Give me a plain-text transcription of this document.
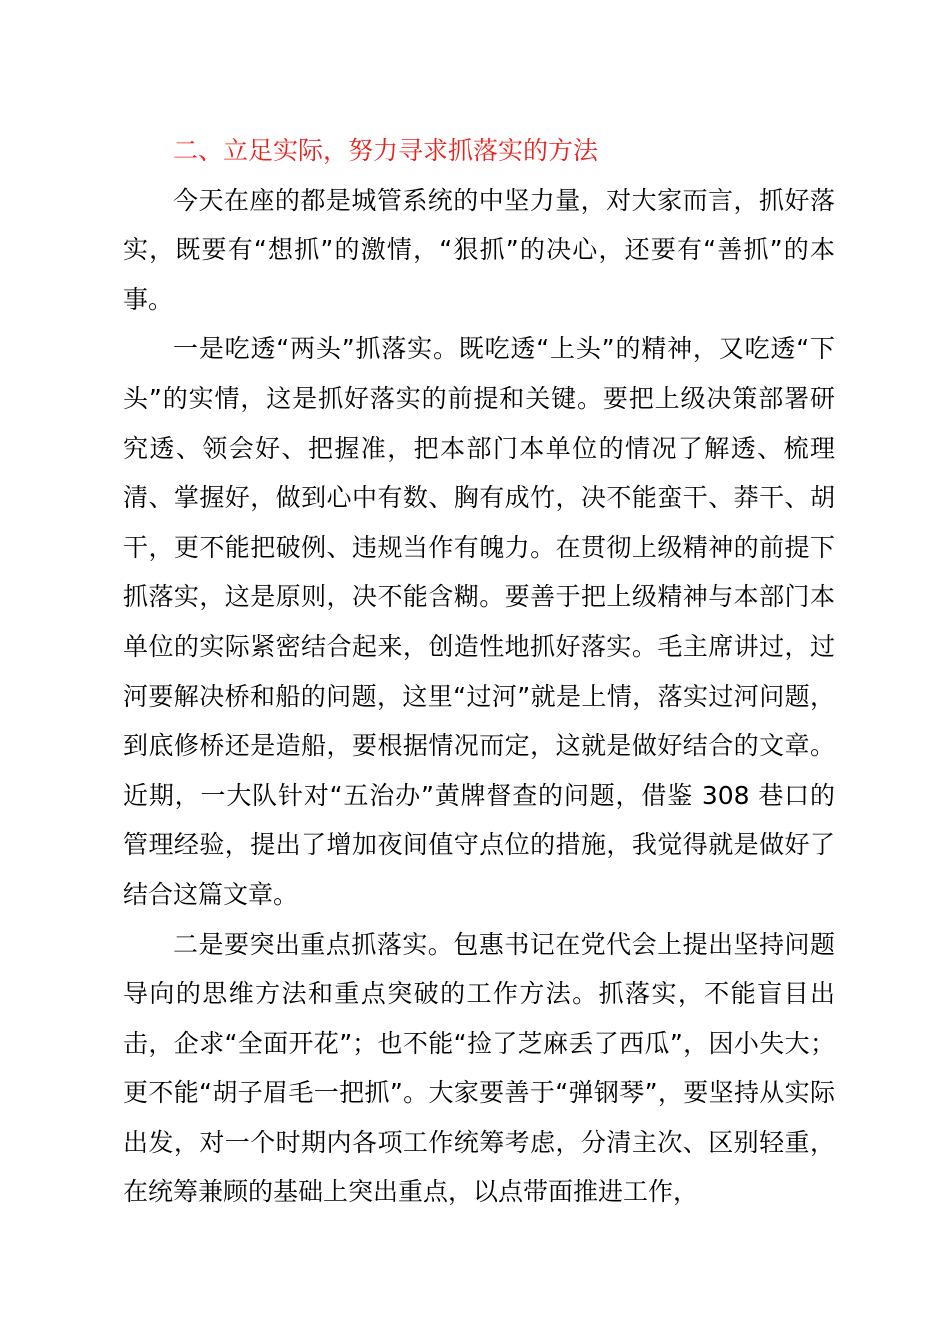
二、立足实际，努力寻求抓落实的方法

今天在座的都是城管系统的中坚力量，对大家而言，抓好落实，既要有“想抓”的激情，“狠抓”的决心，还要有“善抓”的本事。

一是吃透“两头”抓落实。既吃透“上头”的精神，又吃透“下头”的实情，这是抓好落实的前提和关键。要把上级决策部署研究透、领会好、把握准，把本部门本单位的情况了解透、梳理清、掌握好，做到心中有数、胸有成竹，决不能蛮干、莽干、胡干，更不能把破例、违规当作有魄力。在贯彻上级精神的前提下抓落实，这是原则，决不能含糊。要善于把上级精神与本部门本单位的实际紧密结合起来，创造性地抓好落实。毛主席讲过，过河要解决桥和船的问题，这里“过河”就是上情，落实过河问题，到底修桥还是造船，要根据情况而定，这就是做好结合的文章。近期，一大队针对“五治办”黄牌督查的问题，借鉴 308 巷口的管理经验，提出了增加夜间值守点位的措施，我觉得就是做好了结合这篇文章。

二是要突出重点抓落实。包惠书记在党代会上提出坚持问题导向的思维方法和重点突破的工作方法。抓落实，不能盲目出击，企求“全面开花”；也不能“捡了芝麻丢了西瓜”，因小失大；更不能“胡子眉毛一把抓”。大家要善于“弹钢琴”，要坚持从实际出发，对一个时期内各项工作统筹考虑，分清主次、区别轻重，在统筹兼顾的基础上突出重点，以点带面推进工作，
